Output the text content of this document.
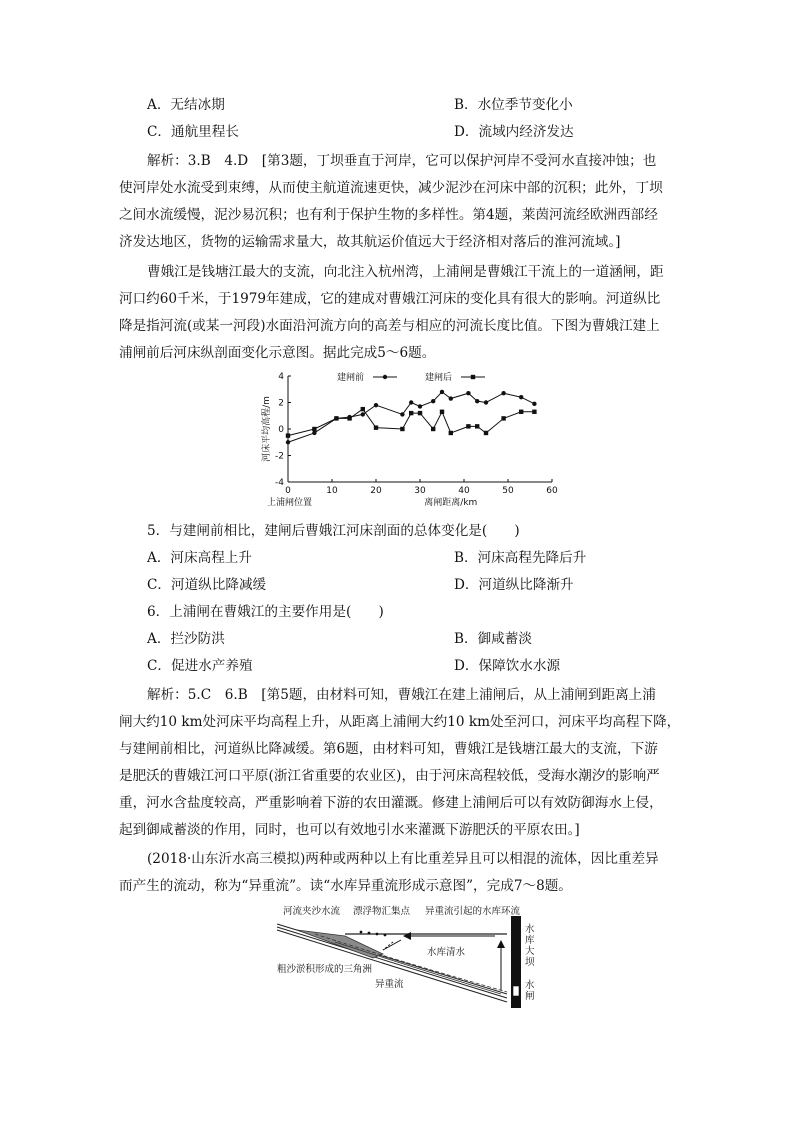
A．无结冰期	B．水位季节变化小
C．通航里程长	D．流域内经济发达
解析：3.B　4.D　[第3题，丁坝垂直于河岸，它可以保护河岸不受河水直接冲蚀；也
使河岸处水流受到束缚，从而使主航道流速更快，减少泥沙在河床中部的沉积；此外，丁坝
之间水流缓慢，泥沙易沉积；也有利于保护生物的多样性。第4题，莱茵河流经欧洲西部经
济发达地区，货物的运输需求量大，故其航运价值远大于经济相对落后的淮河流域。]
曹娥江是钱塘江最大的支流，向北注入杭州湾，上浦闸是曹娥江干流上的一道涵闸，距
河口约60千米，于1979年建成，它的建成对曹娥江河床的变化具有很大的影响。河道纵比
降是指河流(或某一河段)水面沿河流方向的高差与相应的河流长度比值。下图为曹娥江建上
浦闸前后河床纵剖面变化示意图。据此完成5～6题。
4
2
0
-2
-4
0	10	20	30	40	50	60
河床平均高程/m
离闸距离/km
上浦闸位置
建闸前	建闸后
5．与建闸前相比，建闸后曹娥江河床剖面的总体变化是(　　)
A．河床高程上升	B．河床高程先降后升
C．河道纵比降减缓	D．河道纵比降渐升
6．上浦闸在曹娥江的主要作用是(　　)
A．拦沙防洪	B．御咸蓄淡
C．促进水产养殖	D．保障饮水水源
解析：5.C　6.B　[第5题，由材料可知，曹娥江在建上浦闸后，从上浦闸到距离上浦
闸大约10 km处河床平均高程上升，从距离上浦闸大约10 km处至河口，河床平均高程下降，
与建闸前相比，河道纵比降减缓。第6题，由材料可知，曹娥江是钱塘江最大的支流，下游
是肥沃的曹娥江河口平原(浙江省重要的农业区)，由于河床高程较低，受海水潮汐的影响严
重，河水含盐度较高，严重影响着下游的农田灌溉。修建上浦闸后可以有效防御海水上侵，
起到御咸蓄淡的作用，同时，也可以有效地引水来灌溉下游肥沃的平原农田。]
(2018·山东沂水高三模拟)两种或两种以上有比重差异且可以相混的流体，因比重差异
而产生的流动，称为“异重流”。读“水库异重流形成示意图”，完成7～8题。
河流夹沙水流 漂浮物汇集点 异重流引起的水库环流
水库清水
粗沙淤积形成的三角洲
异重流
水
库
大
坝
水
闸
